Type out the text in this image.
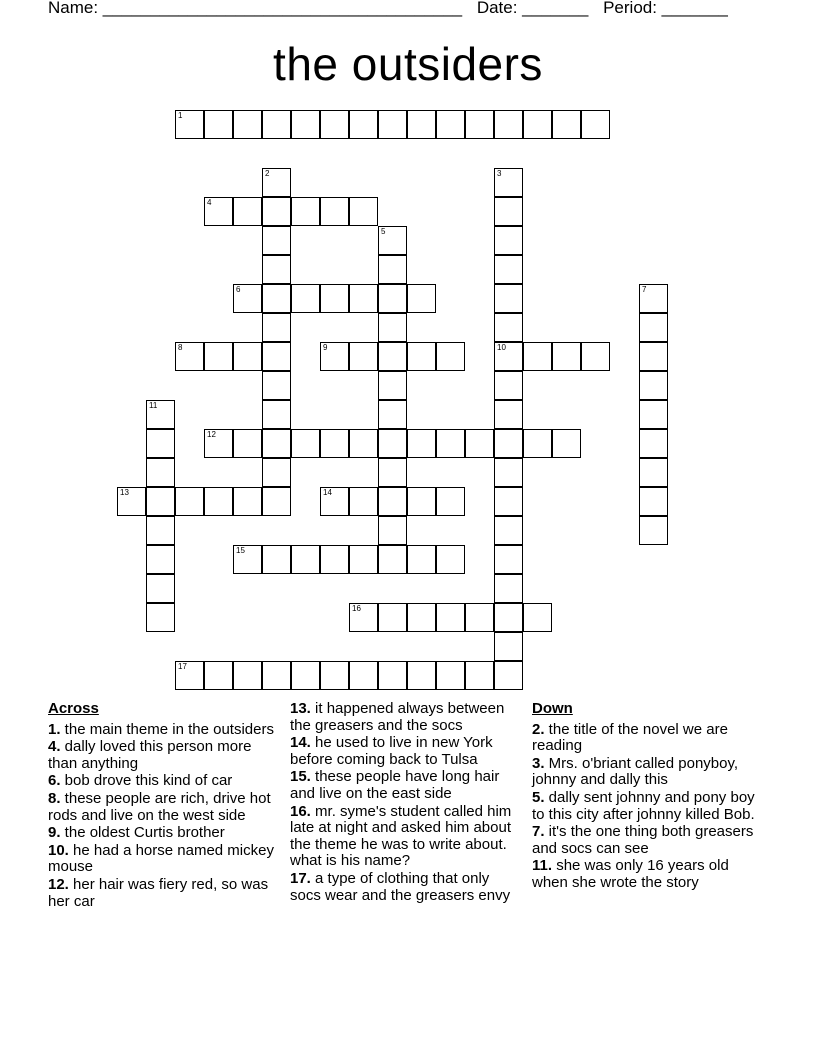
Name: ______________________________________ Date: _______ Period: _______
the outsiders
1
4
6
8	9	10
12
13	14
15
16
17
2	3
5
7
11
Across
1. the main theme in the outsiders
4. dally loved this person more than anything
6. bob drove this kind of car
8. these people are rich, drive hot rods and live on the west side
9. the oldest Curtis brother
10. he had a horse named mickey mouse
12. her hair was fiery red, so was her car
13. it happened always between the greasers and the socs
14. he used to live in new York before coming back to Tulsa
15. these people have long hair and live on the east side
16. mr. syme's student called him late at night and asked him about the theme he was to write about. what is his name?
17. a type of clothing that only socs wear and the greasers envy
Down
2. the title of the novel we are reading
3. Mrs. o'briant called ponyboy, johnny and dally this
5. dally sent johnny and pony boy to this city after johnny killed Bob.
7. it's the one thing both greasers and socs can see
11. she was only 16 years old when she wrote the story
